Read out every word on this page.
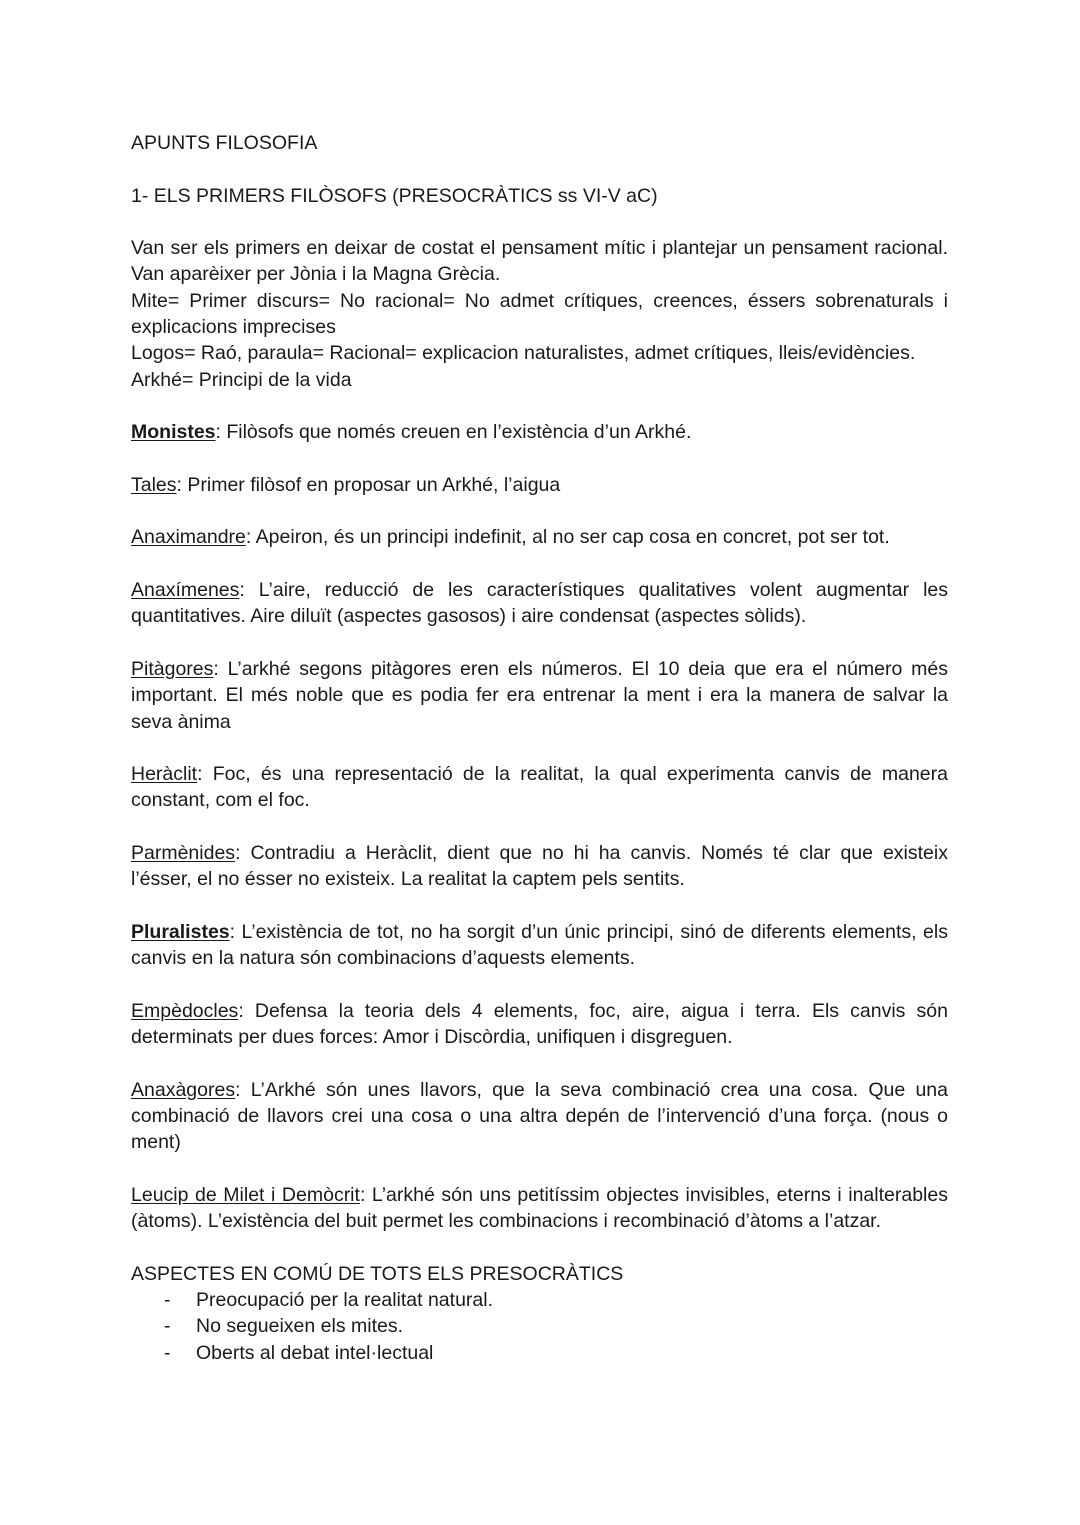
APUNTS FILOSOFIA

1- ELS PRIMERS FILÒSOFS (PRESOCRÀTICS ss VI-V aC)

Van ser els primers en deixar de costat el pensament mític i plantejar un pensament racional. Van aparèixer per Jònia i la Magna Grècia.

Mite= Primer discurs= No racional= No admet crítiques, creences, éssers sobrenaturals i explicacions imprecises

Logos= Raó, paraula= Racional= explicacion naturalistes, admet crítiques, lleis/evidències.

Arkhé= Principi de la vida

Monistes: Filòsofs que només creuen en l’existència d’un Arkhé.

Tales: Primer filòsof en proposar un Arkhé, l’aigua

Anaximandre: Apeiron, és un principi indefinit, al no ser cap cosa en concret, pot ser tot.

Anaxímenes: L’aire, reducció de les característiques qualitatives volent augmentar les quantitatives. Aire diluït (aspectes gasosos) i aire condensat (aspectes sòlids).

Pitàgores: L’arkhé segons pitàgores eren els números. El 10 deia que era el número més important. El més noble que es podia fer era entrenar la ment i era la manera de salvar la seva ànima

Heràclit: Foc, és una representació de la realitat, la qual experimenta canvis de manera constant, com el foc.

Parmènides: Contradiu a Heràclit, dient que no hi ha canvis. Només té clar que existeix l’ésser, el no ésser no existeix. La realitat la captem pels sentits.

Pluralistes: L’existència de tot, no ha sorgit d’un únic principi, sinó de diferents elements, els canvis en la natura són combinacions d’aquests elements.

Empèdocles: Defensa la teoria dels 4 elements, foc, aire, aigua i terra. Els canvis són determinats per dues forces: Amor i Discòrdia, unifiquen i disgreguen.

Anaxàgores: L’Arkhé són unes llavors, que la seva combinació crea una cosa. Que una combinació de llavors crei una cosa o una altra depén de l’intervenció d’una força. (nous o ment)

Leucip de Milet i Demòcrit: L’arkhé són uns petitíssim objectes invisibles, eterns i inalterables (àtoms). L’existència del buit permet les combinacions i recombinació d’àtoms a l’atzar.

ASPECTES EN COMÚ DE TOTS ELS PRESOCRÀTICS

- Preocupació per la realitat natural.
- No segueixen els mites.
- Oberts al debat intel·lectual
